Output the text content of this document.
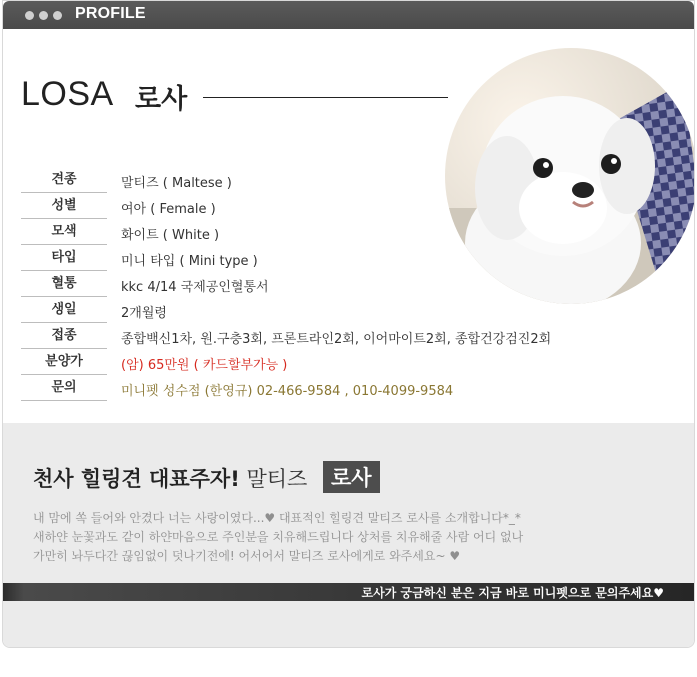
PROFILE
LOSA 로사
견종	말티즈 ( Maltese )
성별	여아 ( Female )
모색	화이트 ( White )
타입	미니 타입 ( Mini type )
혈통	kkc 4/14 국제공인혈통서
생일	2개월령
접종	종합백신1차, 원.구충3회, 프론트라인2회, 이어마이트2회, 종합건강검진2회
분양가	(암) 65만원 ( 카드할부가능 )
문의	미니펫 성수점 (한영규) 02-466-9584 , 010-4099-9584
천사 힐링견 대표주자! 말티즈	로사
내 맘에 쏙 들어와 안겼다 너는 사랑이였다...♥ 대표적인 힐링견 말티즈 로사를 소개합니다*_*
새하얀 눈꽃과도 같이 하얀마음으로 주인분을 치유해드립니다 상처를 치유해줄 사람 어디 없나
가만히 놔두다간 끊임없이 덧나기전에! 어서어서 말티즈 로사에게로 와주세요~ ♥
로사가 궁금하신 분은 지금 바로 미니펫으로 문의주세요♥
